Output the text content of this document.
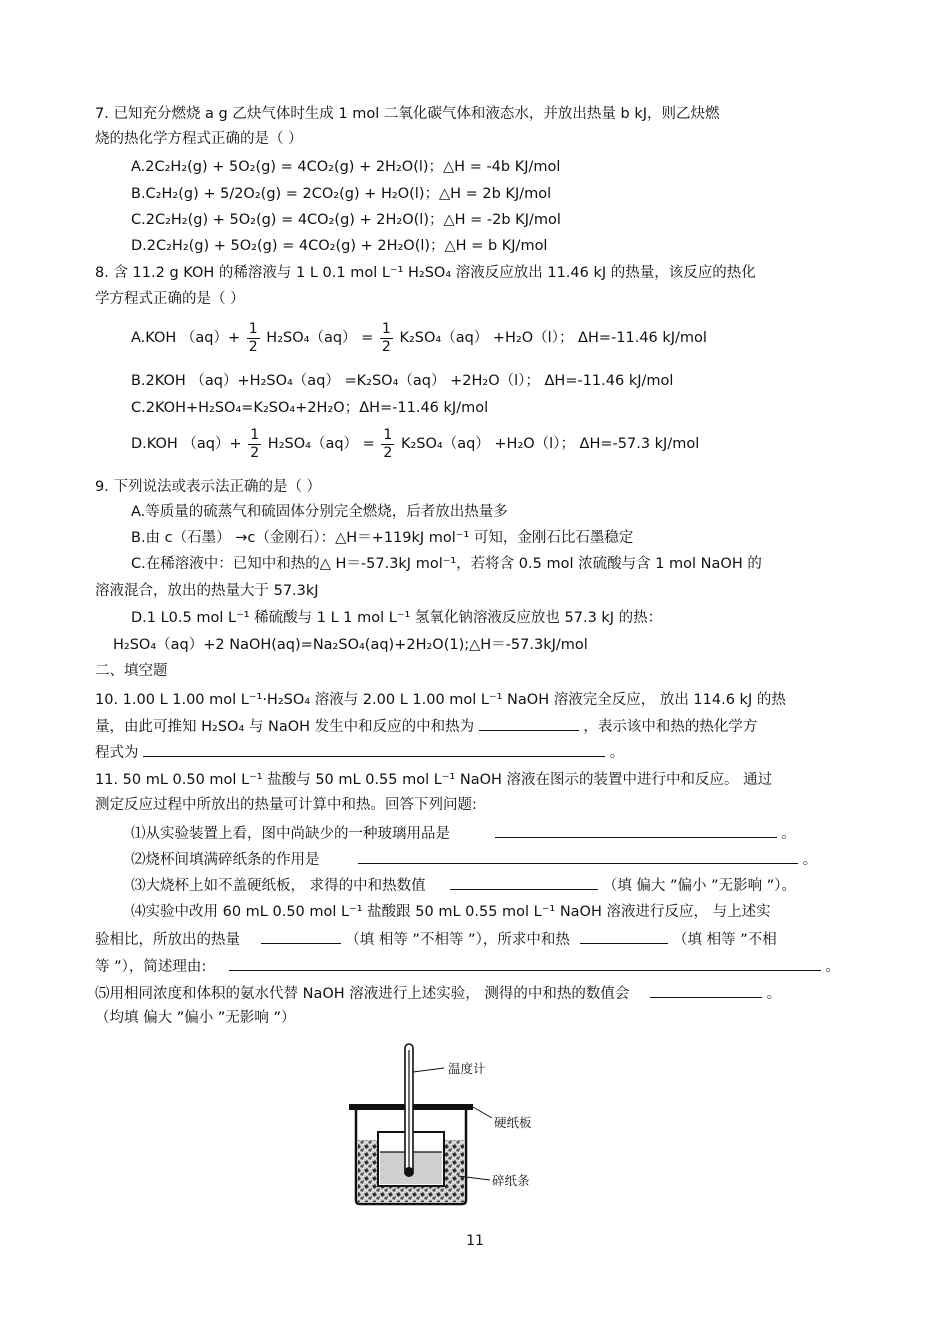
7. 已知充分燃烧 a g 乙炔气体时生成 1 mol 二氧化碳气体和液态水，并放出热量 b kJ，则乙炔燃
烧的热化学方程式正确的是（ ）
A.2C₂H₂(g) + 5O₂(g) = 4CO₂(g) + 2H₂O(l)；△H = -4b KJ/mol
B.C₂H₂(g) + 5/2O₂(g) = 2CO₂(g) + H₂O(l)；△H = 2b KJ/mol
C.2C₂H₂(g) + 5O₂(g) = 4CO₂(g) + 2H₂O(l)；△H = -2b KJ/mol
D.2C₂H₂(g) + 5O₂(g) = 4CO₂(g) + 2H₂O(l)；△H = b KJ/mol
8. 含 11.2 g KOH 的稀溶液与 1 L 0.1 mol L⁻¹ H₂SO₄ 溶液反应放出 11.46 kJ 的热量，该反应的热化
学方程式正确的是（ ）
A.KOH $(aq)+ \frac{1}{2} H_2SO_4(aq) = \frac{1}{2} K_2SO_4(aq) +H_2O(l)$； ΔH=-11.46 kJ/mol
B.2KOH （aq）+H₂SO₄（aq） =K₂SO₄（aq） +2H₂O（l）； ΔH=-11.46 kJ/mol
C.2KOH+H₂SO₄=K₂SO₄+2H₂O；ΔH=-11.46 kJ/mol
D.KOH $(aq)+ \frac{1}{2} H_2SO_4(aq) = \frac{1}{2} K_2SO_4(aq) +H_2O(l)$； ΔH=-57.3 kJ/mol
9. 下列说法或表示法正确的是（ ）
A.等质量的硫蒸气和硫固体分别完全燃烧，后者放出热量多
B.由 c（石墨） →c（金刚石）：△H＝+119kJ mol⁻¹ 可知，金刚石比石墨稳定
C.在稀溶液中：已知中和热的△ H＝-57.3kJ mol⁻¹，若将含 0.5 mol 浓硫酸与含 1 mol NaOH 的
溶液混合，放出的热量大于 57.3kJ
D.1 L0.5 mol L⁻¹ 稀硫酸与 1 L 1 mol L⁻¹ 氢氧化钠溶液反应放也 57.3 kJ 的热：
H₂SO₄（aq）+2 NaOH(aq)=Na₂SO₄(aq)+2H₂O(1);△H＝-57.3kJ/mol
二、填空题
10. 1.00 L 1.00 mol L⁻¹·H₂SO₄ 溶液与 2.00 L 1.00 mol L⁻¹ NaOH 溶液完全反应， 放出 114.6 kJ 的热
量，由此可推知 H₂SO₄ 与 NaOH 发生中和反应的中和热为	，表示该中和热的热化学方
程式为	。
11. 50 mL 0.50 mol L⁻¹ 盐酸与 50 mL 0.55 mol L⁻¹ NaOH 溶液在图示的装置中进行中和反应。 通过
测定反应过程中所放出的热量可计算中和热。回答下列问题:
⑴从实验装置上看，图中尚缺少的一种玻璃用品是	。
⑵烧杯间填满碎纸条的作用是	。
⑶大烧杯上如不盖硬纸板， 求得的中和热数值	（填 偏大 ”偏小 ”无影响 ”）。
⑷实验中改用 60 mL 0.50 mol L⁻¹ 盐酸跟 50 mL 0.55 mol L⁻¹ NaOH 溶液进行反应， 与上述实
验相比，所放出的热量	（填 相等 ”不相等 ”），所求中和热	（填 相等 ”不相
等 ”），简述理由:	。
⑸用相同浓度和体积的氨水代替 NaOH 溶液进行上述实验， 测得的中和热的数值会	。
（均填 偏大 ”偏小 ”无影响 ”）
温度计
硬纸板
碎纸条
11
